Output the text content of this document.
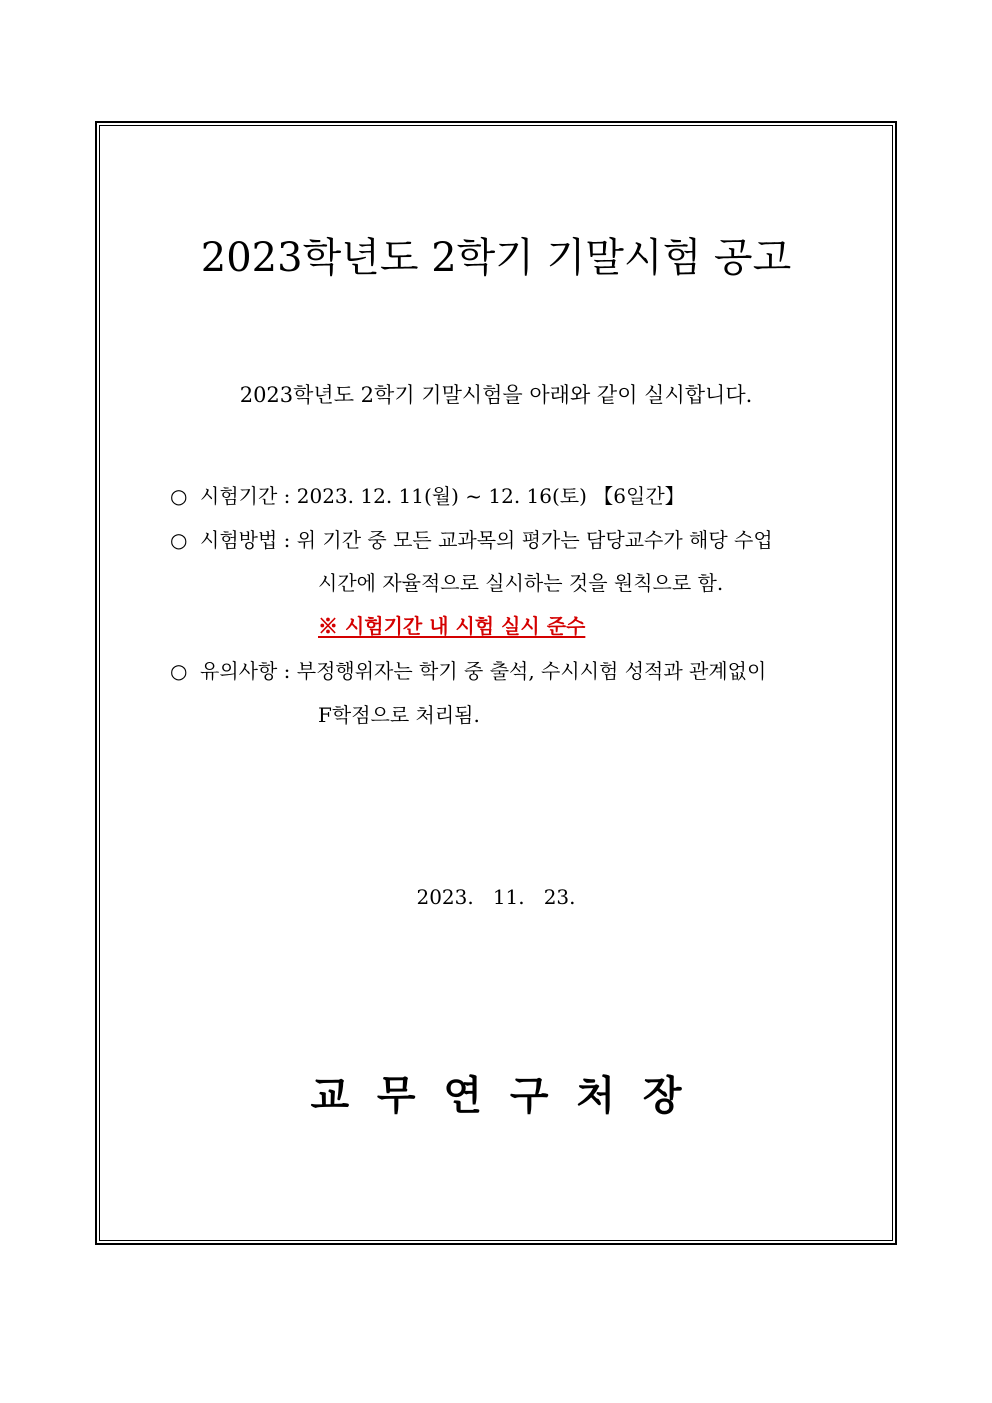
2023학년도 2학기 기말시험 공고
2023학년도 2학기 기말시험을 아래와 같이 실시합니다.
○ 시험기간 : 2023. 12. 11(월) ~ 12. 16(토) 【6일간】
○ 시험방법 : 위 기간 중 모든 교과목의 평가는 담당교수가 해당 수업
시간에 자율적으로 실시하는 것을 원칙으로 함.
※ 시험기간 내 시험 실시 준수
○ 유의사항 : 부정행위자는 학기 중 출석, 수시시험 성적과 관계없이
F학점으로 처리됨.
2023.   11.   23.
교  무  연  구  처  장
